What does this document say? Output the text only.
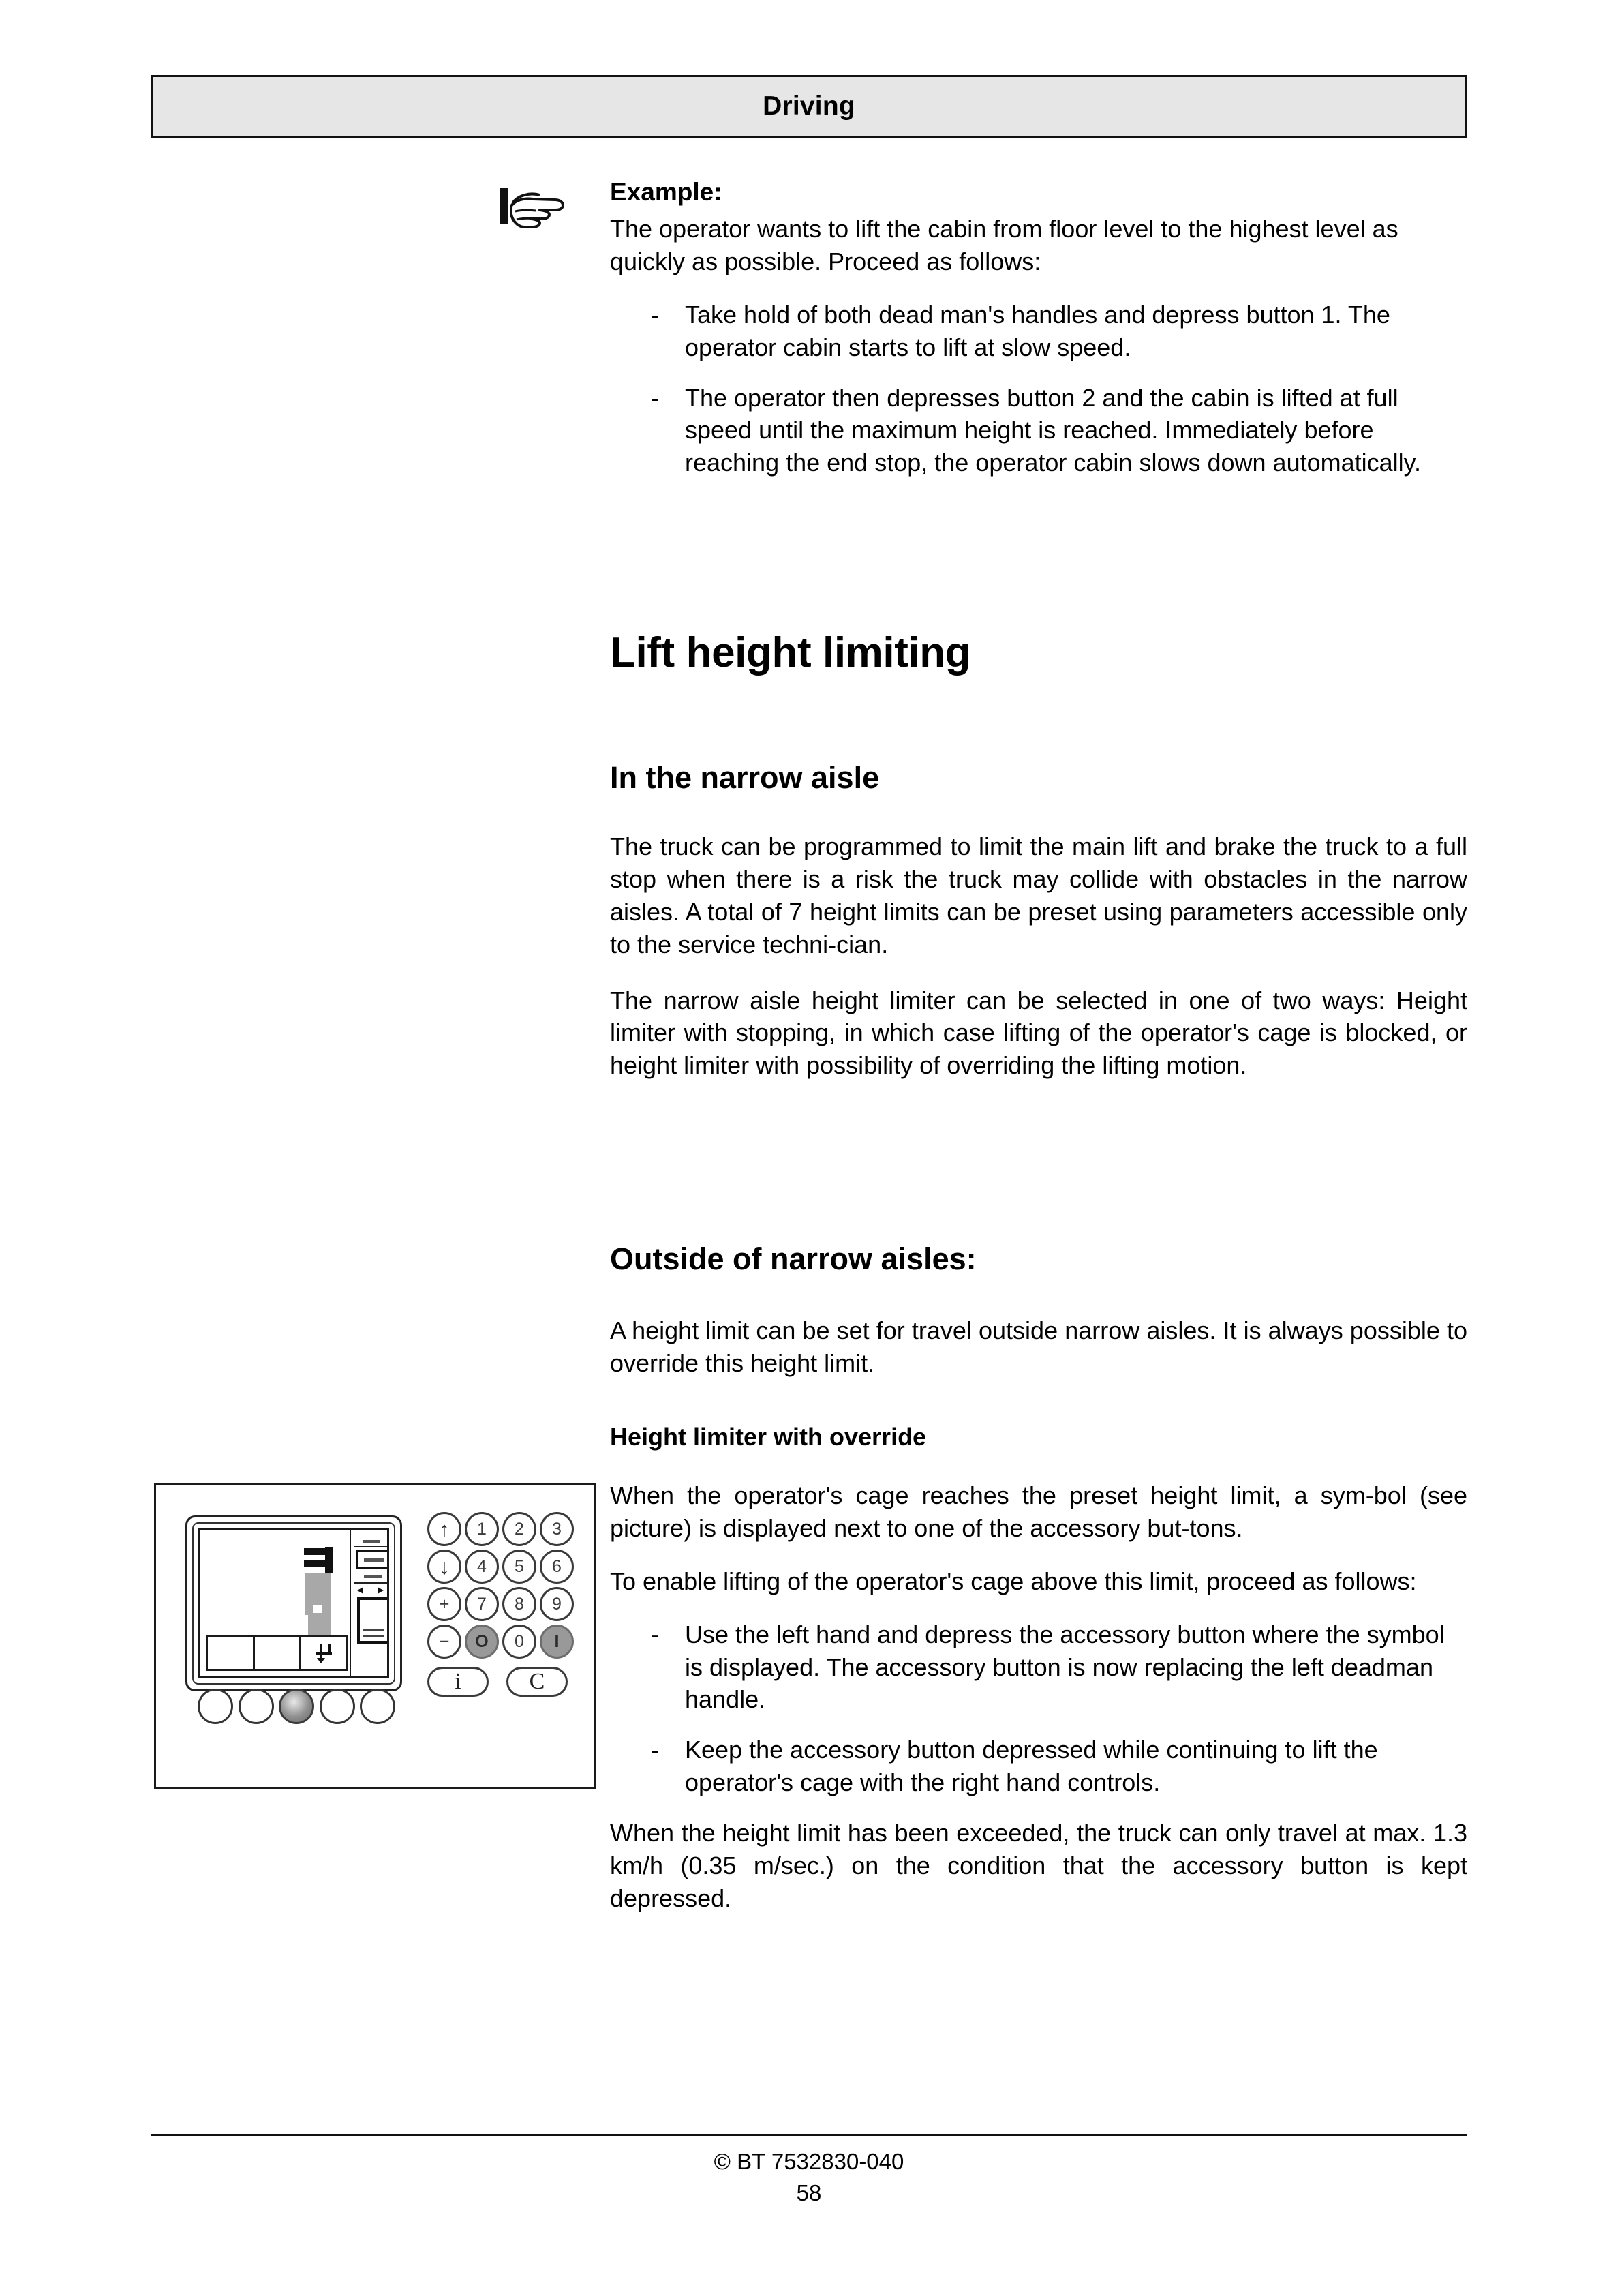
Driving
Example:

The operator wants to lift the cabin from floor level to the highest level as quickly as possible. Proceed as follows:

- Take hold of both dead man's handles and depress button 1. The operator cabin starts to lift at slow speed.
- The operator then depresses button 2 and the cabin is lifted at full speed until the maximum height is reached. Immediately before reaching the end stop, the operator cabin slows down automatically.
Lift height limiting
In the narrow aisle

The truck can be programmed to limit the main lift and brake the truck to a full stop when there is a risk the truck may collide with obstacles in the narrow aisles. A total of 7 height limits can be preset using parameters accessible only to the service techni-cian.

The narrow aisle height limiter can be selected in one of two ways: Height limiter with stopping, in which case lifting of the operator's cage is blocked, or height limiter with possibility of overriding the lifting motion.

Outside of narrow aisles:

A height limit can be set for travel outside narrow aisles. It is always possible to override this height limit.

Height limiter with override

When the operator's cage reaches the preset height limit, a sym-bol (see picture) is displayed next to one of the accessory but-tons.

To enable lifting of the operator's cage above this limit, proceed as follows:

- Use the left hand and depress the accessory button where the symbol is displayed. The accessory button is now replacing the left deadman handle.
- Keep the accessory button depressed while continuing to lift the operator's cage with the right hand controls.

When the height limit has been exceeded, the truck can only travel at max. 1.3 km/h (0.35 m/sec.) on the condition that the accessory button is kept depressed.

↑ 1 2 3
↓ 4 5 6
+ 7 8 9
− O 0 I
i	C
© BT 7532830-040
58
